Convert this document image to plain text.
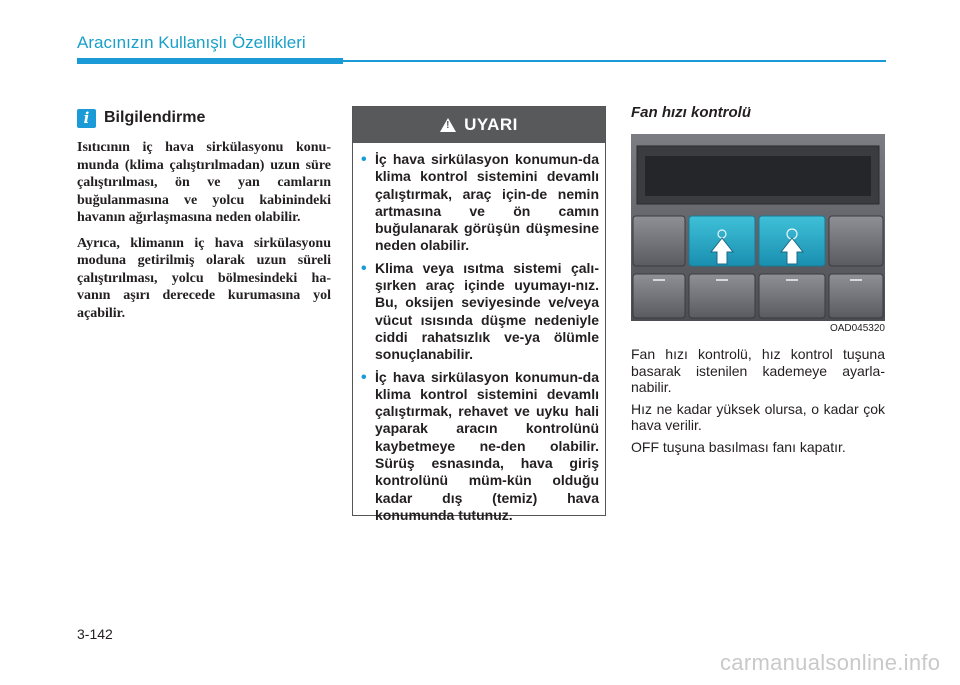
Aracınızın Kullanışlı Özellikleri
i Bilgilendirme

Isıtıcının iç hava sirkülasyonu konu-munda (klima çalıştırılmadan) uzun süre çalıştırılması, ön ve yan camların buğulanmasına ve yolcu kabinindeki havanın ağırlaşmasına neden olabilir.

Ayrıca, klimanın iç hava sirkülasyonu moduna getirilmiş olarak uzun süreli çalıştırılması, yolcu bölmesindeki ha-vanın aşırı derecede kurumasına yol açabilir.

! UYARI
• İç hava sirkülasyon konumun-da klima kontrol sistemini devamlı çalıştırmak, araç için-de nemin artmasına ve ön camın buğulanarak görüşün düşmesine neden olabilir.
• Klima veya ısıtma sistemi çalı-şırken araç içinde uyumayı-nız. Bu, oksijen seviyesinde ve/veya vücut ısısında düşme nedeniyle ciddi rahatsızlık ve-ya ölümle sonuçlanabilir.
• İç hava sirkülasyon konumun-da klima kontrol sistemini devamlı çalıştırmak, rehavet ve uyku hali yaparak aracın kontrolünü kaybetmeye ne-den olabilir. Sürüş esnasında, hava giriş kontrolünü müm-kün olduğu kadar dış (temiz) hava konumunda tutunuz.
Fan hızı kontrolü
OAD045320

Fan hızı kontrolü, hız kontrol tuşuna basarak istenilen kademeye ayarla-nabilir.

Hız ne kadar yüksek olursa, o kadar çok hava verilir.

OFF tuşuna basılması fanı kapatır.

3-142
carmanualsonline.info
